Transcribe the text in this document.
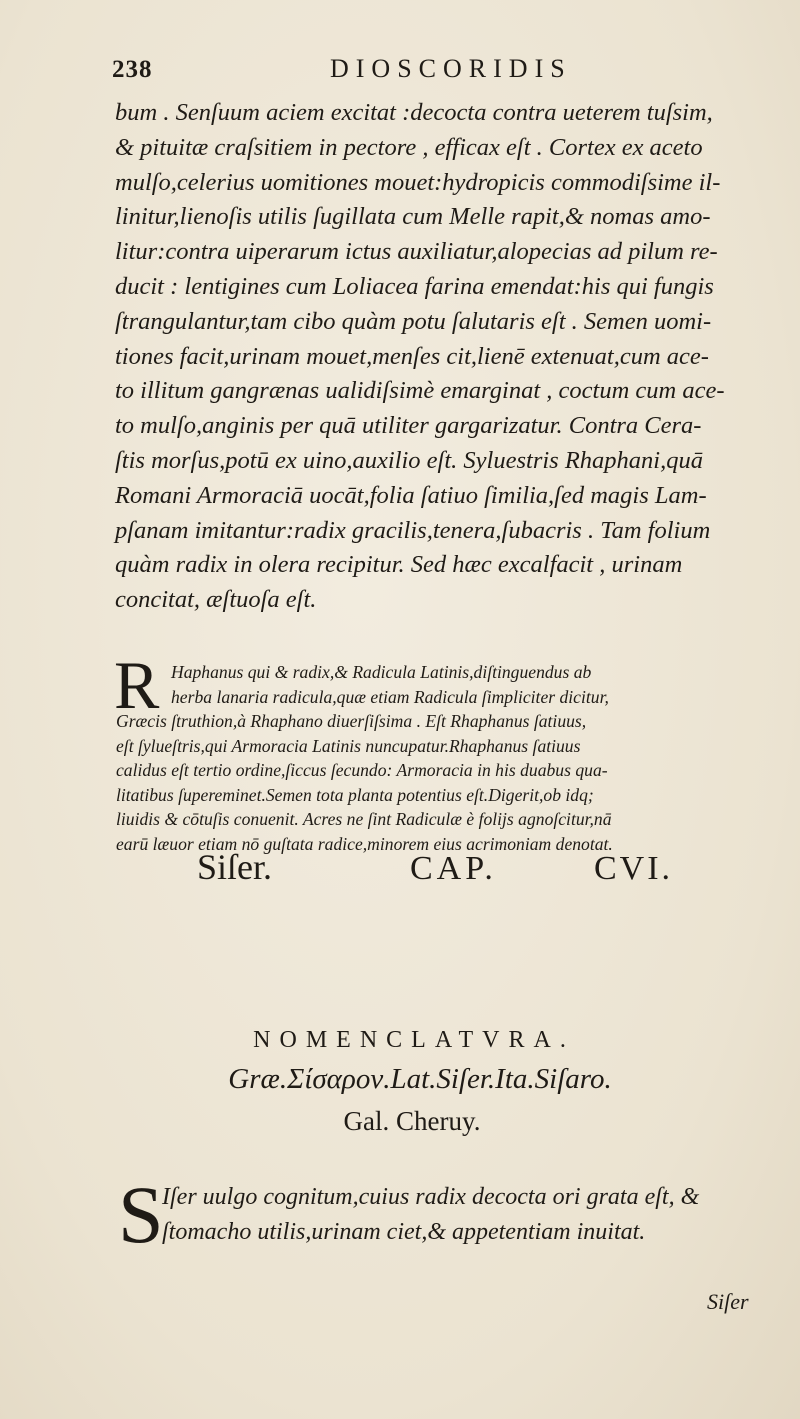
238	DIOSCORIDIS
bum . Senſuum aciem excitat :decocta contra ueterem tuſsim,
& pituitæ craſsitiem in pectore , efficax eſt . Cortex ex aceto
mulſo,celerius uomitiones mouet:hydropicis commodiſsime il-
linitur,lienoſis utilis ſugillata cum Melle rapit,& nomas amo-
litur:contra uiperarum ictus auxiliatur,alopecias ad pilum re-
ducit : lentigines cum Loliacea farina emendat:his qui fungis
ſtrangulantur,tam cibo quàm potu ſalutaris eſt . Semen uomi-
tiones facit,urinam mouet,menſes cit,lienē extenuat,cum ace-
to illitum gangrænas ualidiſsimè emarginat , coctum cum ace-
to mulſo,anginis per quā utiliter gargarizatur. Contra Cera-
ſtis morſus,potū ex uino,auxilio eſt. Syluestris Rhaphani,quā
Romani Armoraciā uocāt,folia ſatiuo ſimilia,ſed magis Lam-
pſanam imitantur:radix gracilis,tenera,ſubacris . Tam folium
quàm radix in olera recipitur. Sed hæc excalfacit , urinam
concitat, æſtuoſa eſt.
R Haphanus qui & radix,& Radicula Latinis,diſtinguendus ab
herba lanaria radicula,quæ etiam Radicula ſimpliciter dicitur,
Græcis ſtruthion,à Rhaphano diuerſiſsima . Eſt Rhaphanus ſatiuus,
eſt ſylueſtris,qui Armoracia Latinis nuncupatur.Rhaphanus ſatiuus
calidus eſt tertio ordine,ſiccus ſecundo: Armoracia in his duabus qua-
litatibus ſupereminet.Semen tota planta potentius eſt.Digerit,ob idq;
liuidis & cōtuſis conuenit. Acres ne ſint Radiculæ è folijs agnoſcitur,nā
earū læuor etiam nō guſtata radice,minorem eius acrimoniam denotat.
Siſer.	CAP.	CVI.
NOMENCLATVRA.
Græ.Σίσαρον.Lat.Siſer.Ita.Siſaro.
Gal. Cheruy.
S
Iſer uulgo cognitum,cuius radix decocta ori grata eſt, &
ſtomacho utilis,urinam ciet,& appetentiam inuitat.
Siſer
